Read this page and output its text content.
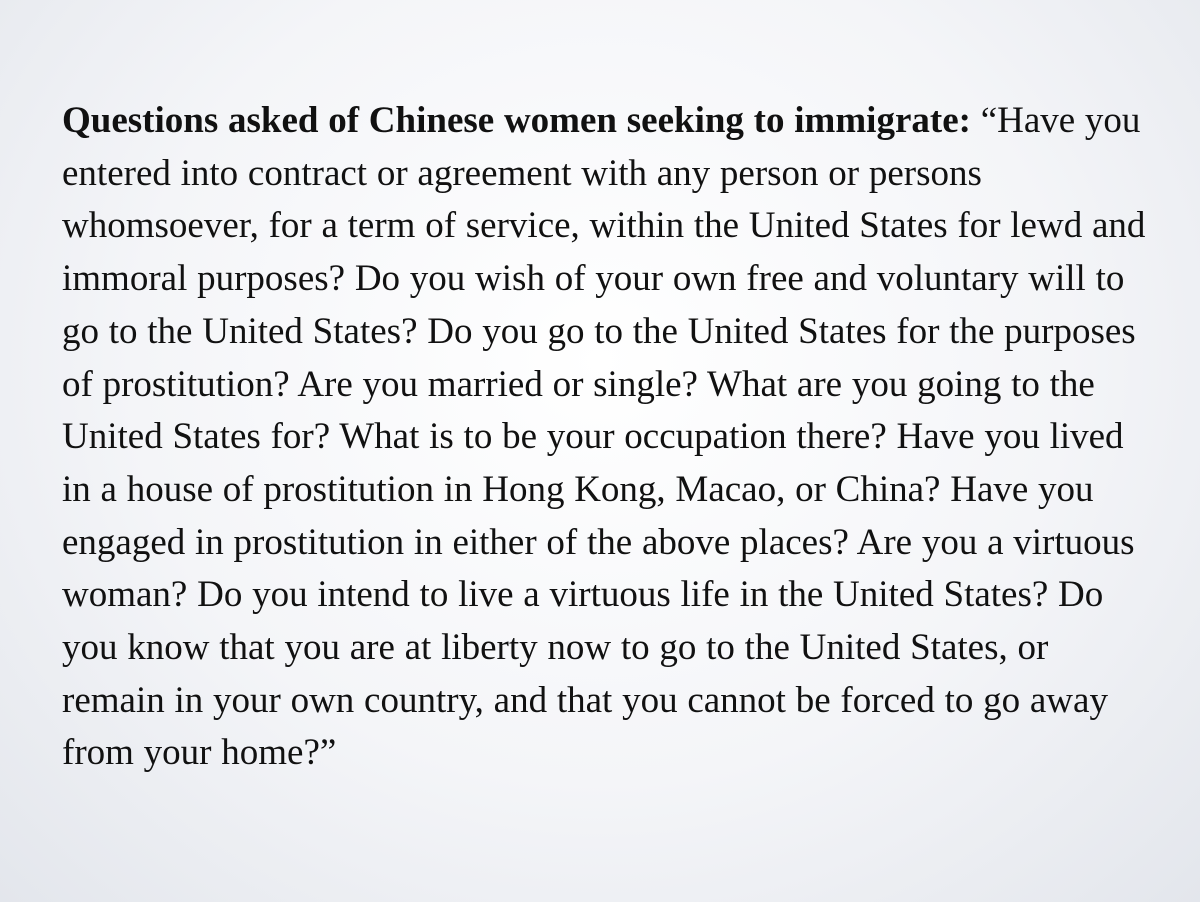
Questions asked of Chinese women seeking to immigrate: “Have you entered into contract or agreement with any person or persons whomsoever, for a term of service, within the United States for lewd and immoral purposes? Do you wish of your own free and voluntary will to go to the United States? Do you go to the United States for the purposes of prostitution? Are you married or single? What are you going to the United States for? What is to be your occupation there? Have you lived in a house of prostitution in Hong Kong, Macao, or China? Have you engaged in prostitution in either of the above places? Are you a virtuous woman? Do you intend to live a virtuous life in the United States? Do you know that you are at liberty now to go to the United States, or remain in your own country, and that you cannot be forced to go away from your home?”
